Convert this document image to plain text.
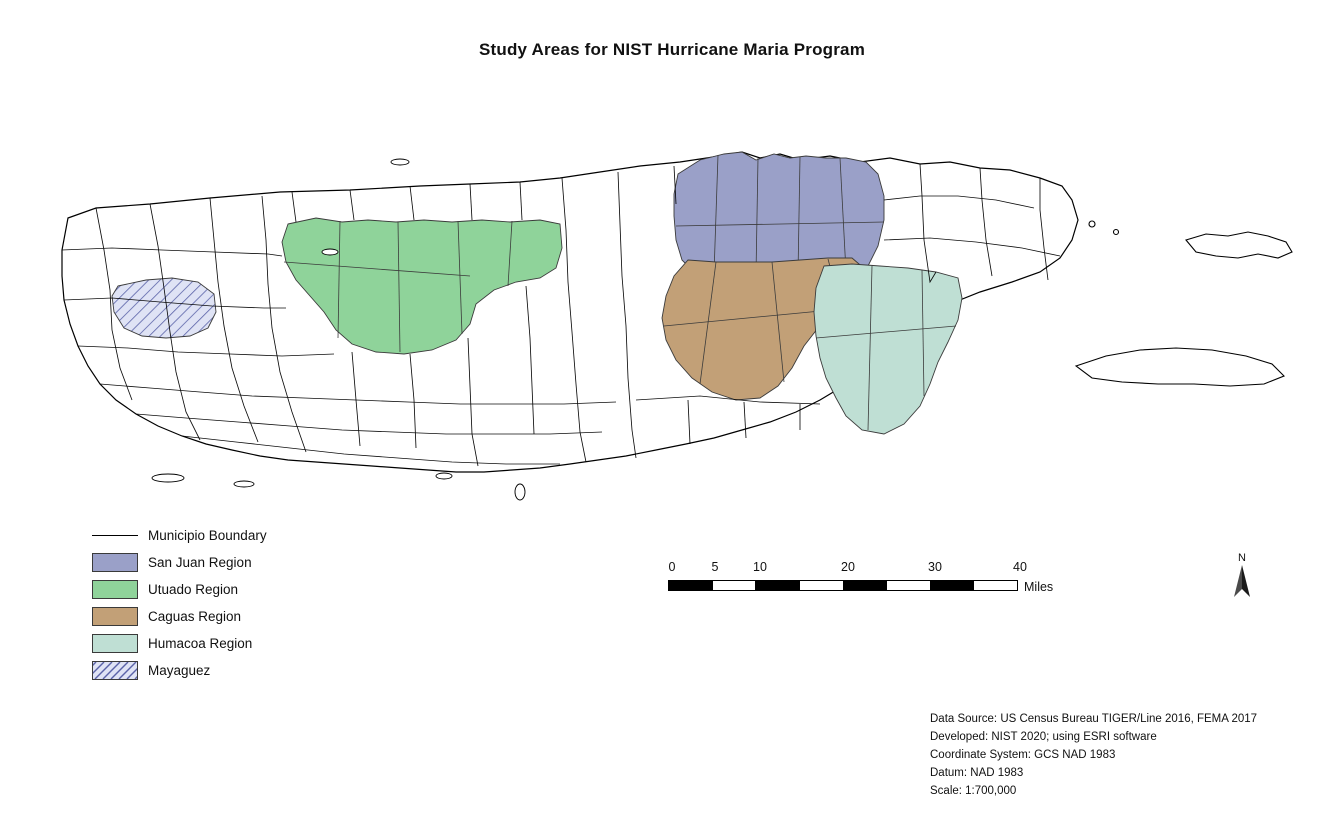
Study Areas for NIST Hurricane Maria Program
Municipio Boundary
San Juan Region
Utuado Region
Caguas Region
Humacoa Region
Mayaguez
0	5	10	20	30	40
Miles
N
Data Source: US Census Bureau TIGER/Line 2016, FEMA 2017
Developed: NIST 2020; using ESRI software
Coordinate System: GCS NAD 1983
Datum: NAD 1983
Scale: 1:700,000
